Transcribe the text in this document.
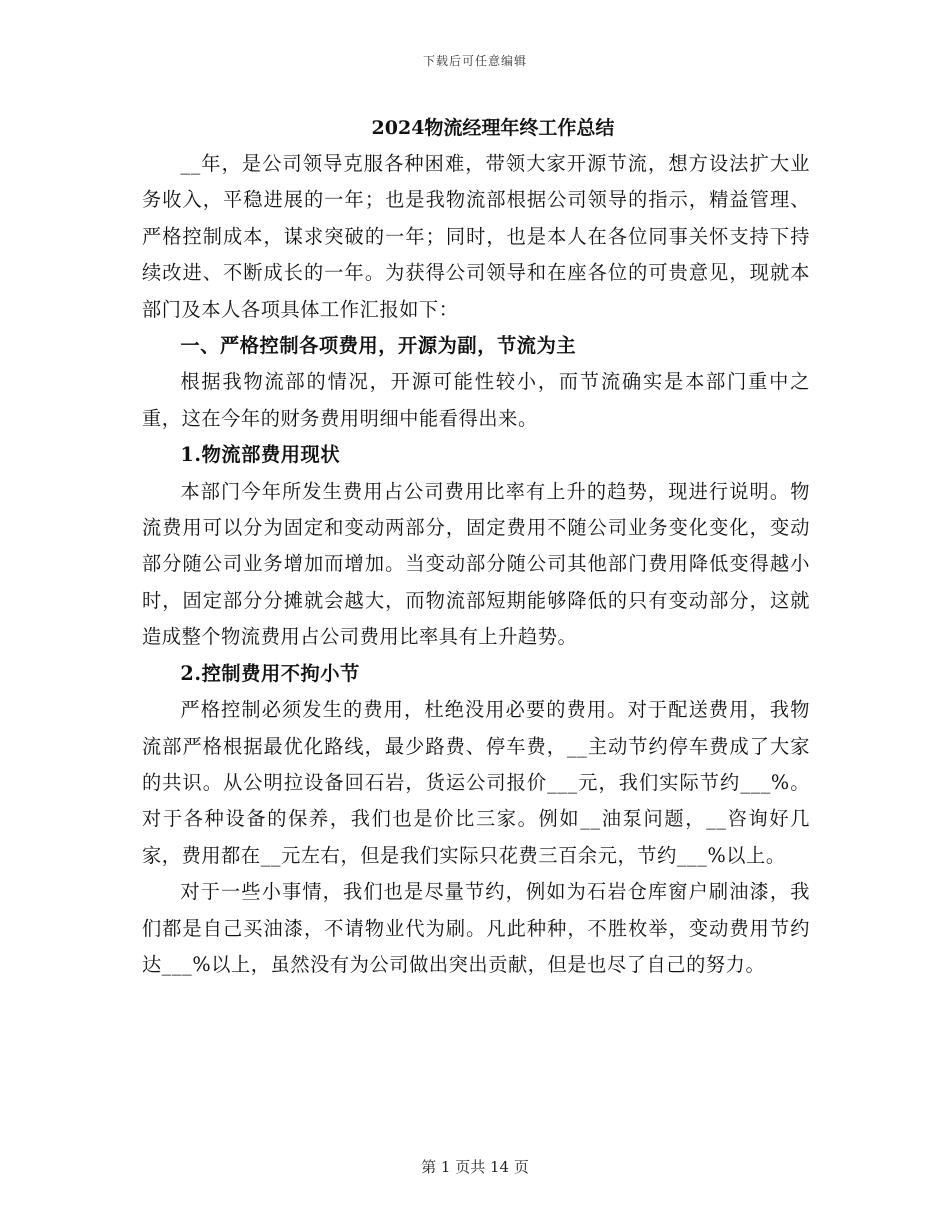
下载后可任意编辑

2024物流经理年终工作总结

__年，是公司领导克服各种困难，带领大家开源节流，想方设法扩大业务收入，平稳进展的一年；也是我物流部根据公司领导的指示，精益管理、严格控制成本，谋求突破的一年；同时，也是本人在各位同事关怀支持下持续改进、不断成长的一年。为获得公司领导和在座各位的可贵意见，现就本部门及本人各项具体工作汇报如下：

一、严格控制各项费用，开源为副，节流为主

根据我物流部的情况，开源可能性较小，而节流确实是本部门重中之重，这在今年的财务费用明细中能看得出来。

1.物流部费用现状

本部门今年所发生费用占公司费用比率有上升的趋势，现进行说明。物流费用可以分为固定和变动两部分，固定费用不随公司业务变化变化，变动部分随公司业务增加而增加。当变动部分随公司其他部门费用降低变得越小时，固定部分分摊就会越大，而物流部短期能够降低的只有变动部分，这就造成整个物流费用占公司费用比率具有上升趋势。

2.控制费用不拘小节

严格控制必须发生的费用，杜绝没用必要的费用。对于配送费用，我物流部严格根据最优化路线，最少路费、停车费，__主动节约停车费成了大家的共识。从公明拉设备回石岩，货运公司报价___元，我们实际节约___%。对于各种设备的保养，我们也是价比三家。例如__油泵问题，__咨询好几家，费用都在__元左右，但是我们实际只花费三百余元，节约___%以上。

对于一些小事情，我们也是尽量节约，例如为石岩仓库窗户刷油漆，我们都是自己买油漆，不请物业代为刷。凡此种种，不胜枚举，变动费用节约达___%以上，虽然没有为公司做出突出贡献，但是也尽了自己的努力。

第 1 页共 14 页
